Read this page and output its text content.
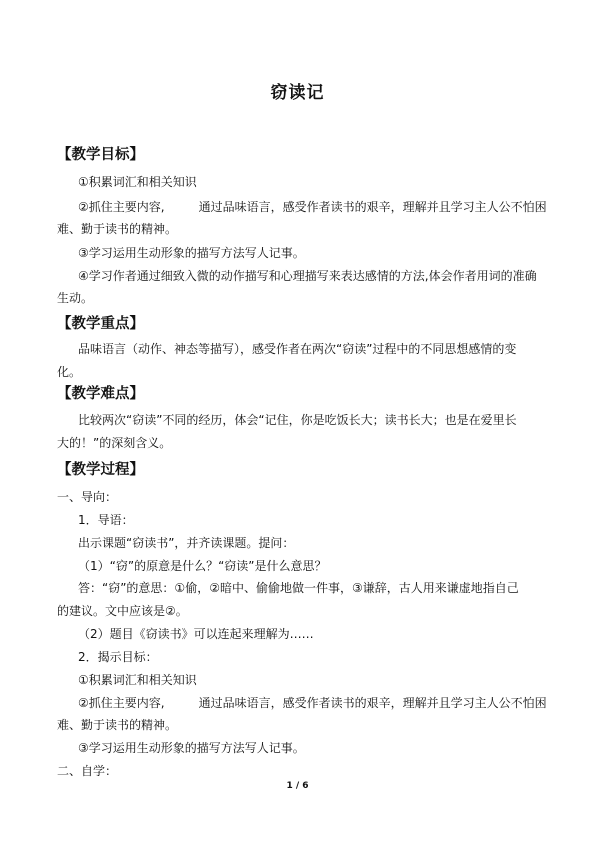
窃读记
【教学目标】
①积累词汇和相关知识
②抓住主要内容,	通过品味语言，感受作者读书的艰辛，理解并且学习主人公不怕困
难、勤于读书的精神。
③学习运用生动形象的描写方法写人记事。
④学习作者通过细致入微的动作描写和心理描写来表达感情的方法,体会作者用词的准确
生动。
【教学重点】
品味语言（动作、神态等描写），感受作者在两次“窃读”过程中的不同思想感情的变
化。
【教学难点】
比较两次“窃读”不同的经历，体会“记住，你是吃饭长大；读书长大；也是在爱里长
大的！”的深刻含义。
【教学过程】
一、导向：
1．导语：
出示课题“窃读书”，并齐读课题。提问：
（1）“窃”的原意是什么？“窃读”是什么意思？
答：“窃”的意思：①偷，②暗中、偷偷地做一件事，③谦辞，古人用来谦虚地指自己
的建议。文中应该是②。
（2）题目《窃读书》可以连起来理解为……
2．揭示目标：
①积累词汇和相关知识
②抓住主要内容,	通过品味语言，感受作者读书的艰辛，理解并且学习主人公不怕困
难、勤于读书的精神。
③学习运用生动形象的描写方法写人记事。
二、自学：
1 / 6
